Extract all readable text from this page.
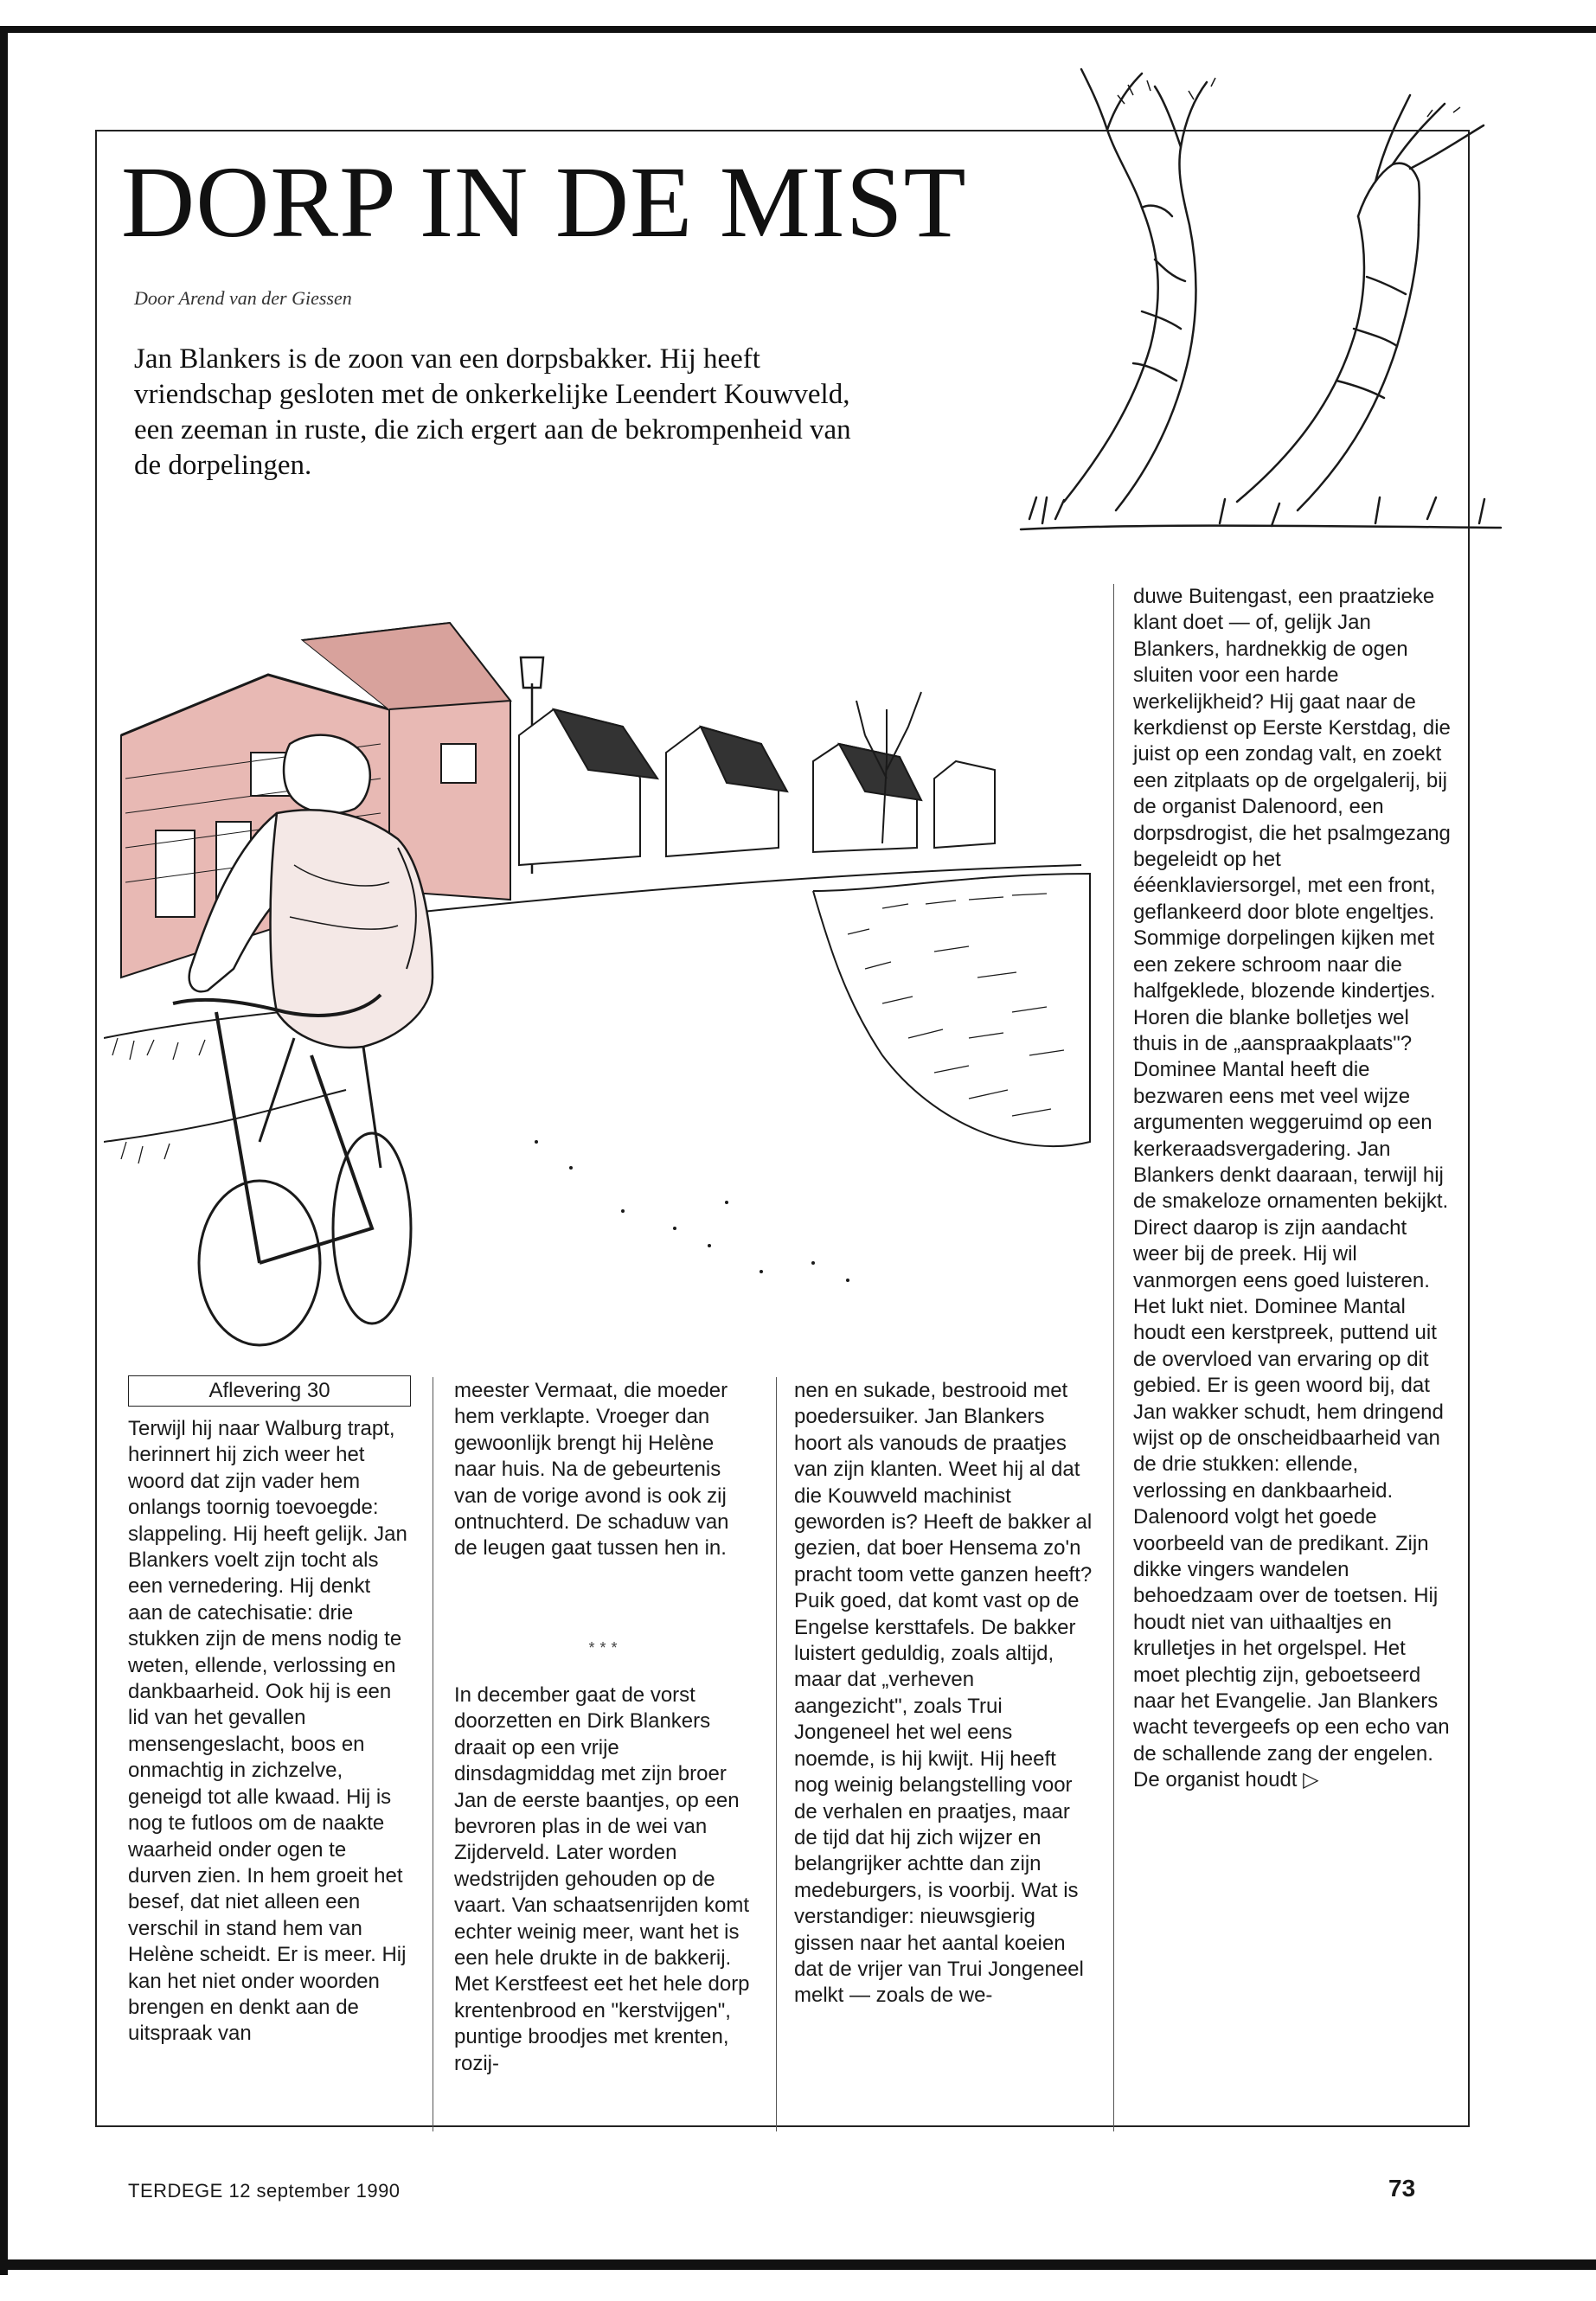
DORP IN DE MIST
Door Arend van der Giessen

Jan Blankers is de zoon van een dorpsbakker. Hij heeft vriendschap gesloten met de onkerkelijke Leendert Kouwveld, een zeeman in ruste, die zich ergert aan de bekrompenheid van de dorpelingen.

Aflevering 30

Terwijl hij naar Walburg trapt, herinnert hij zich weer het woord dat zijn vader hem onlangs toornig toevoegde: slappeling. Hij heeft gelijk. Jan Blankers voelt zijn tocht als een vernedering. Hij denkt aan de catechisatie: drie stukken zijn de mens nodig te weten, ellende, verlossing en dankbaarheid. Ook hij is een lid van het gevallen mensengeslacht, boos en onmachtig in zichzelve, geneigd tot alle kwaad. Hij is nog te futloos om de naakte waarheid onder ogen te durven zien. In hem groeit het besef, dat niet alleen een verschil in stand hem van Helène scheidt. Er is meer. Hij kan het niet onder woorden brengen en denkt aan de uitspraak van

meester Vermaat, die moeder hem verklapte. Vroeger dan gewoonlijk brengt hij Helène naar huis. Na de gebeurtenis van de vorige avond is ook zij ontnuchterd. De schaduw van de leugen gaat tussen hen in.

***

In december gaat de vorst doorzetten en Dirk Blankers draait op een vrije dinsdagmiddag met zijn broer Jan de eerste baantjes, op een bevroren plas in de wei van Zijderveld. Later worden wedstrijden gehouden op de vaart. Van schaatsenrijden komt echter weinig meer, want het is een hele drukte in de bakkerij. Met Kerstfeest eet het hele dorp krentenbrood en "kerstvijgen", puntige broodjes met krenten, rozij-

nen en sukade, bestrooid met poedersuiker. Jan Blankers hoort als vanouds de praatjes van zijn klanten. Weet hij al dat die Kouwveld machinist geworden is? Heeft de bakker al gezien, dat boer Hensema zo'n pracht toom vette ganzen heeft? Puik goed, dat komt vast op de Engelse kersttafels. De bakker luistert geduldig, zoals altijd, maar dat „verheven aangezicht", zoals Trui Jongeneel het wel eens noemde, is hij kwijt. Hij heeft nog weinig belangstelling voor de verhalen en praatjes, maar de tijd dat hij zich wijzer en belangrijker achtte dan zijn medeburgers, is voorbij. Wat is verstandiger: nieuwsgierig gissen naar het aantal koeien dat de vrijer van Trui Jongeneel melkt — zoals de we-

duwe Buitengast, een praatzieke klant doet — of, gelijk Jan Blankers, hardnekkig de ogen sluiten voor een harde werkelijkheid? Hij gaat naar de kerkdienst op Eerste Kerstdag, die juist op een zondag valt, en zoekt een zitplaats op de orgelgalerij, bij de organist Dalenoord, een dorpsdrogist, die het psalmgezang begeleidt op het ééenklaviersorgel, met een front, geflankeerd door blote engeltjes. Sommige dorpelingen kijken met een zekere schroom naar die halfgeklede, blozende kindertjes. Horen die blanke bolletjes wel thuis in de „aanspraakplaats"? Dominee Mantal heeft die bezwaren eens met veel wijze argumenten weggeruimd op een kerkeraadsvergadering. Jan Blankers denkt daaraan, terwijl hij de smakeloze ornamenten bekijkt. Direct daarop is zijn aandacht weer bij de preek. Hij wil vanmorgen eens goed luisteren. Het lukt niet. Dominee Mantal houdt een kerstpreek, puttend uit de overvloed van ervaring op dit gebied. Er is geen woord bij, dat Jan wakker schudt, hem dringend wijst op de onscheidbaarheid van de drie stukken: ellende, verlossing en dankbaarheid. Dalenoord volgt het goede voorbeeld van de predikant. Zijn dikke vingers wandelen behoedzaam over de toetsen. Hij houdt niet van uithaaltjes en krulletjes in het orgelspel. Het moet plechtig zijn, geboetseerd naar het Evangelie. Jan Blankers wacht tevergeefs op een echo van de schallende zang der engelen. De organist houdt ▷

TERDEGE 12 september 1990	73
